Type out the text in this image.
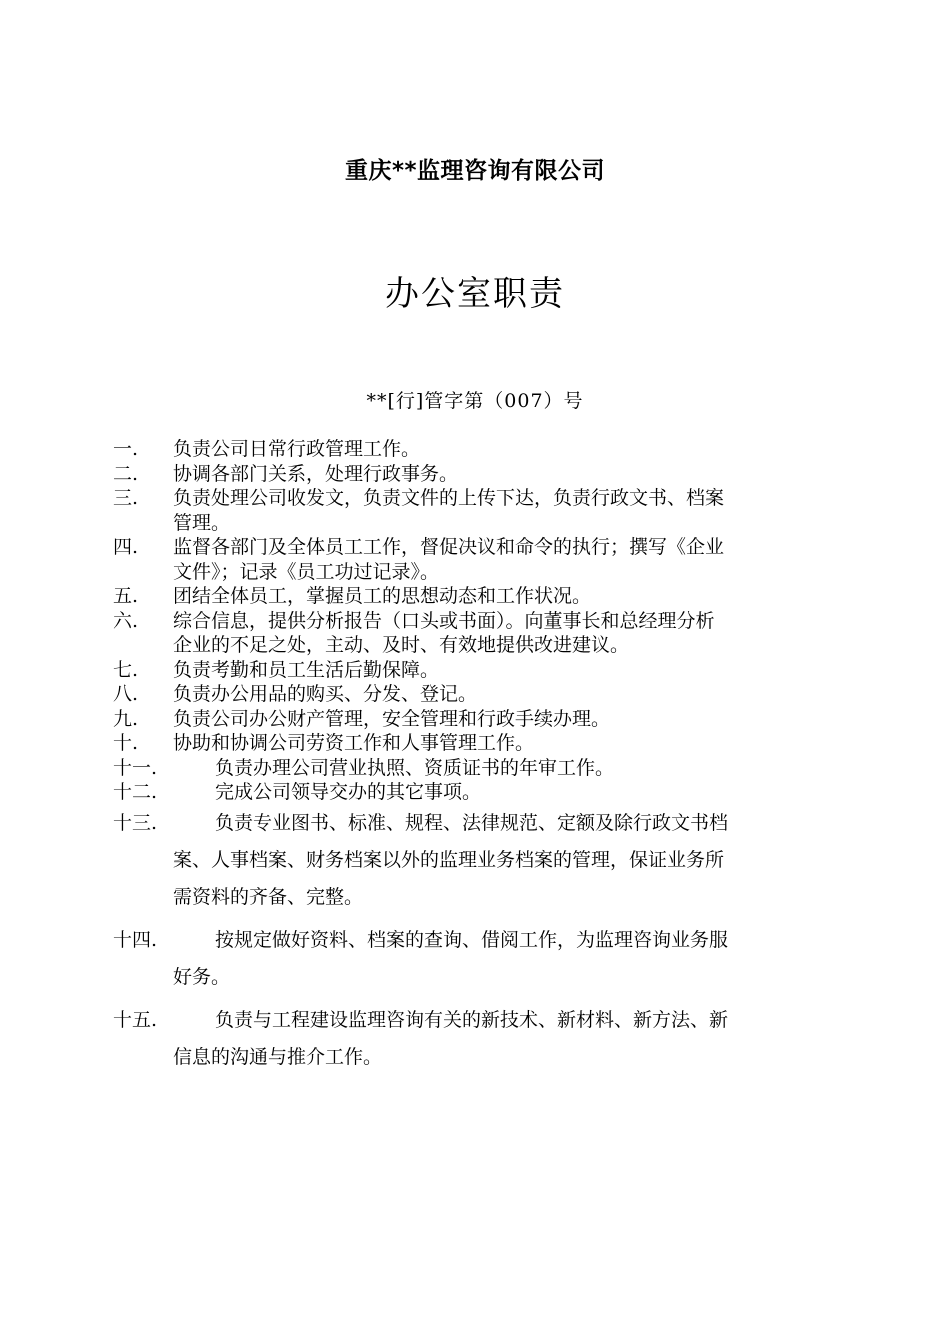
重庆**监理咨询有限公司
办公室职责
**[行]管字第（007）号
一.	负责公司日常行政管理工作。
二.	协调各部门关系，处理行政事务。
三.	负责处理公司收发文，负责文件的上传下达，负责行政文书、档案
管理。
四.	监督各部门及全体员工工作，督促决议和命令的执行；撰写《企业
文件》；记录《员工功过记录》。
五.	团结全体员工，掌握员工的思想动态和工作状况。
六.	综合信息，提供分析报告（口头或书面）。向董事长和总经理分析
企业的不足之处，主动、及时、有效地提供改进建议。
七.	负责考勤和员工生活后勤保障。
八.	负责办公用品的购买、分发、登记。
九.	负责公司办公财产管理，安全管理和行政手续办理。
十.	协助和协调公司劳资工作和人事管理工作。
十一.	负责办理公司营业执照、资质证书的年审工作。
十二.	完成公司领导交办的其它事项。
十三.	负责专业图书、标准、规程、法律规范、定额及除行政文书档
案、人事档案、财务档案以外的监理业务档案的管理，保证业务所
需资料的齐备、完整。
十四.	按规定做好资料、档案的查询、借阅工作，为监理咨询业务服
好务。
十五.	负责与工程建设监理咨询有关的新技术、新材料、新方法、新
信息的沟通与推介工作。
